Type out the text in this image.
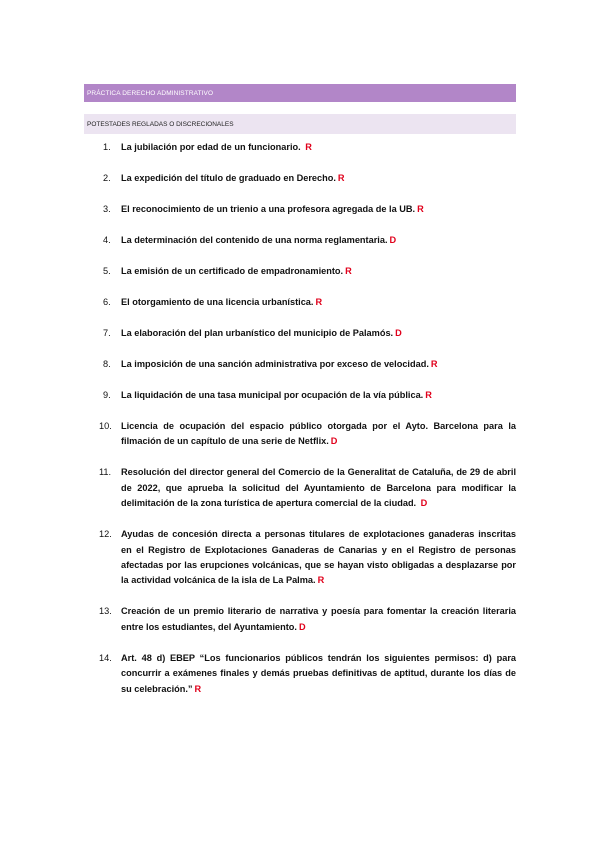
PRÁCTICA DERECHO ADMINISTRATIVO
POTESTADES REGLADAS O DISCRECIONALES
1. La jubilación por edad de un funcionario. R
2. La expedición del título de graduado en Derecho. R
3. El reconocimiento de un trienio a una profesora agregada de la UB. R
4. La determinación del contenido de una norma reglamentaria. D
5. La emisión de un certificado de empadronamiento. R
6. El otorgamiento de una licencia urbanística. R
7. La elaboración del plan urbanístico del municipio de Palamós. D
8. La imposición de una sanción administrativa por exceso de velocidad. R
9. La liquidación de una tasa municipal por ocupación de la vía pública. R
10. Licencia de ocupación del espacio público otorgada por el Ayto. Barcelona para la filmación de un capítulo de una serie de Netflix. D
11. Resolución del director general del Comercio de la Generalitat de Cataluña, de 29 de abril de 2022, que aprueba la solicitud del Ayuntamiento de Barcelona para modificar la delimitación de la zona turística de apertura comercial de la ciudad. D
12. Ayudas de concesión directa a personas titulares de explotaciones ganaderas inscritas en el Registro de Explotaciones Ganaderas de Canarias y en el Registro de personas afectadas por las erupciones volcánicas, que se hayan visto obligadas a desplazarse por la actividad volcánica de la isla de La Palma. R
13. Creación de un premio literario de narrativa y poesía para fomentar la creación literaria entre los estudiantes, del Ayuntamiento. D
14. Art. 48 d) EBEP “Los funcionarios públicos tendrán los siguientes permisos: d) para concurrir a exámenes finales y demás pruebas definitivas de aptitud, durante los días de su celebración.” R
